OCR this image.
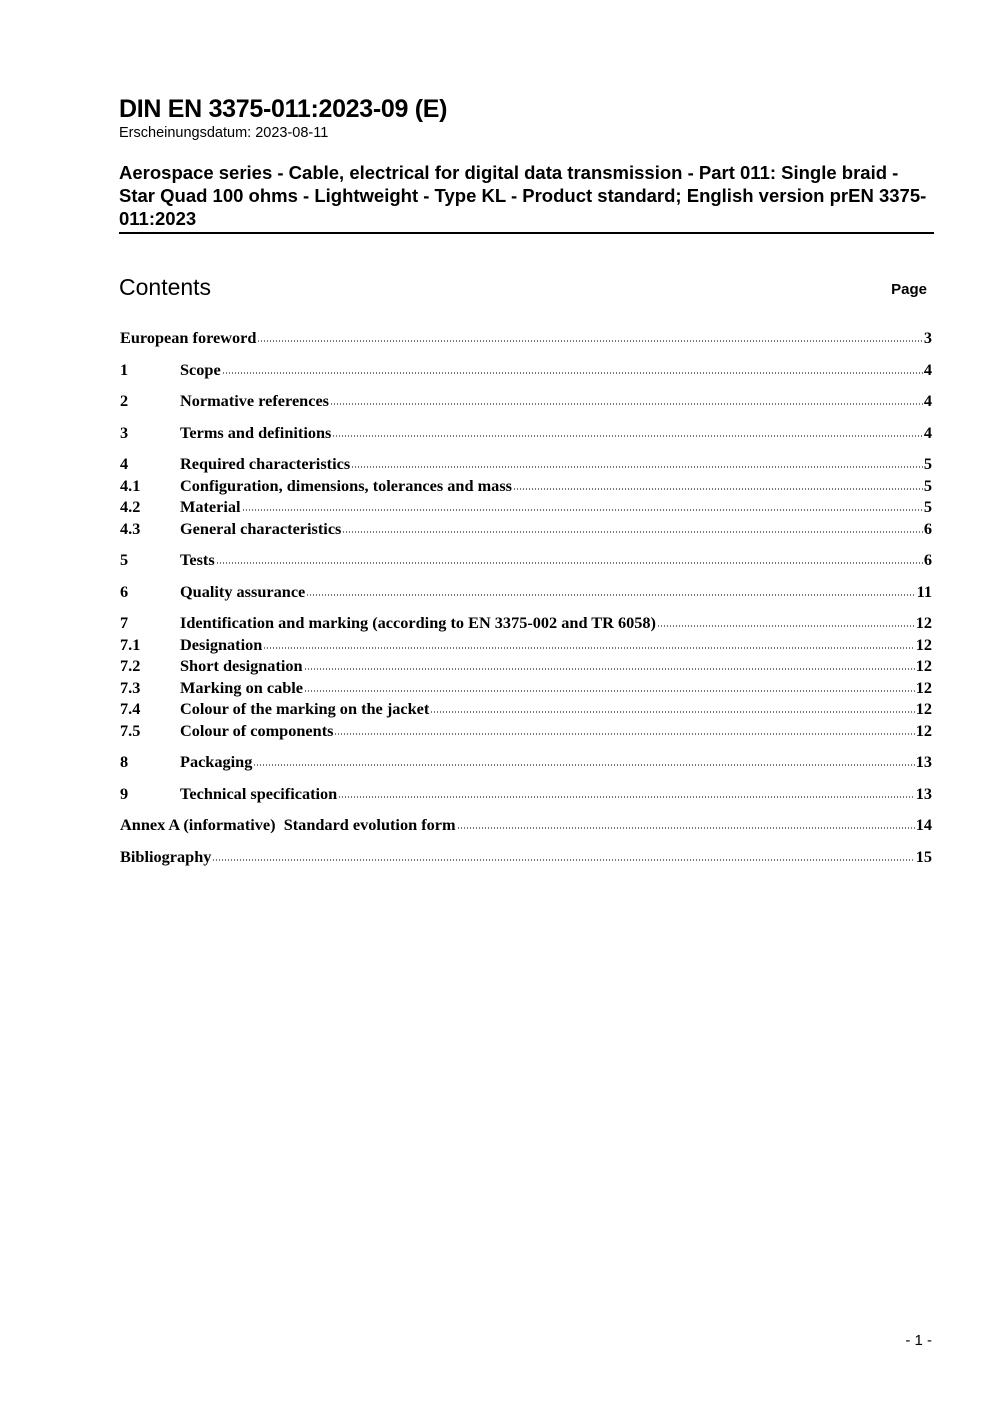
DIN EN 3375-011:2023-09 (E)
Erscheinungsdatum: 2023-08-11
Aerospace series - Cable, electrical for digital data transmission - Part 011: Single braid - Star Quad 100 ohms - Lightweight - Type KL - Product standard; English version prEN 3375-011:2023
Contents	Page
European foreword	3
1	Scope	4
2	Normative references	4
3	Terms and definitions	4
4	Required characteristics	5
4.1	Configuration, dimensions, tolerances and mass	5
4.2	Material	5
4.3	General characteristics	6
5	Tests	6
6	Quality assurance	11
7	Identification and marking (according to EN 3375-002 and TR 6058)	12
7.1	Designation	12
7.2	Short designation	12
7.3	Marking on cable	12
7.4	Colour of the marking on the jacket	12
7.5	Colour of components	12
8	Packaging	13
9	Technical specification	13
Annex A (informative)  Standard evolution form	14
Bibliography	15
- 1 -
